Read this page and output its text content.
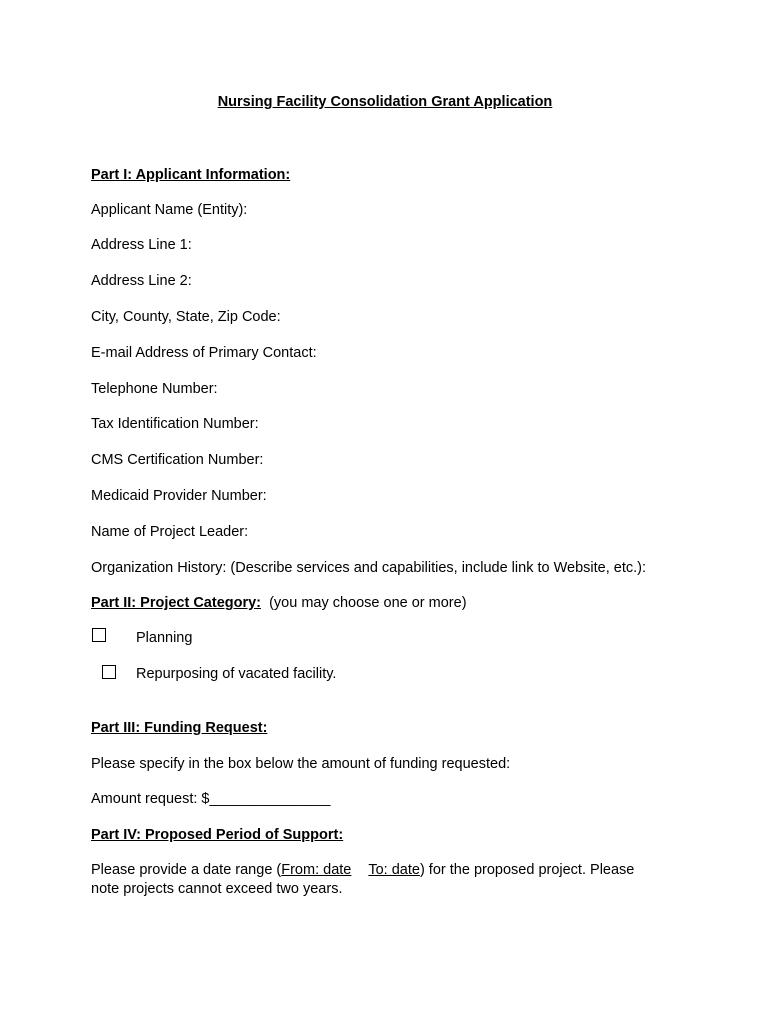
Nursing Facility Consolidation Grant Application
Part I: Applicant Information:
Applicant Name (Entity):
Address Line 1:
Address Line 2:
City, County, State, Zip Code:
E-mail Address of Primary Contact:
Telephone Number:
Tax Identification Number:
CMS Certification Number:
Medicaid Provider Number:
Name of Project Leader:
Organization History: (Describe services and capabilities, include link to Website, etc.):
Part II: Project Category: (you may choose one or more)
Planning
Repurposing of vacated facility.
Part III: Funding Request:
Please specify in the box below the amount of funding requested:
Amount request: $_______________
Part IV: Proposed Period of Support:
Please provide a date range (From: date To: date) for the proposed project. Please
note projects cannot exceed two years.
